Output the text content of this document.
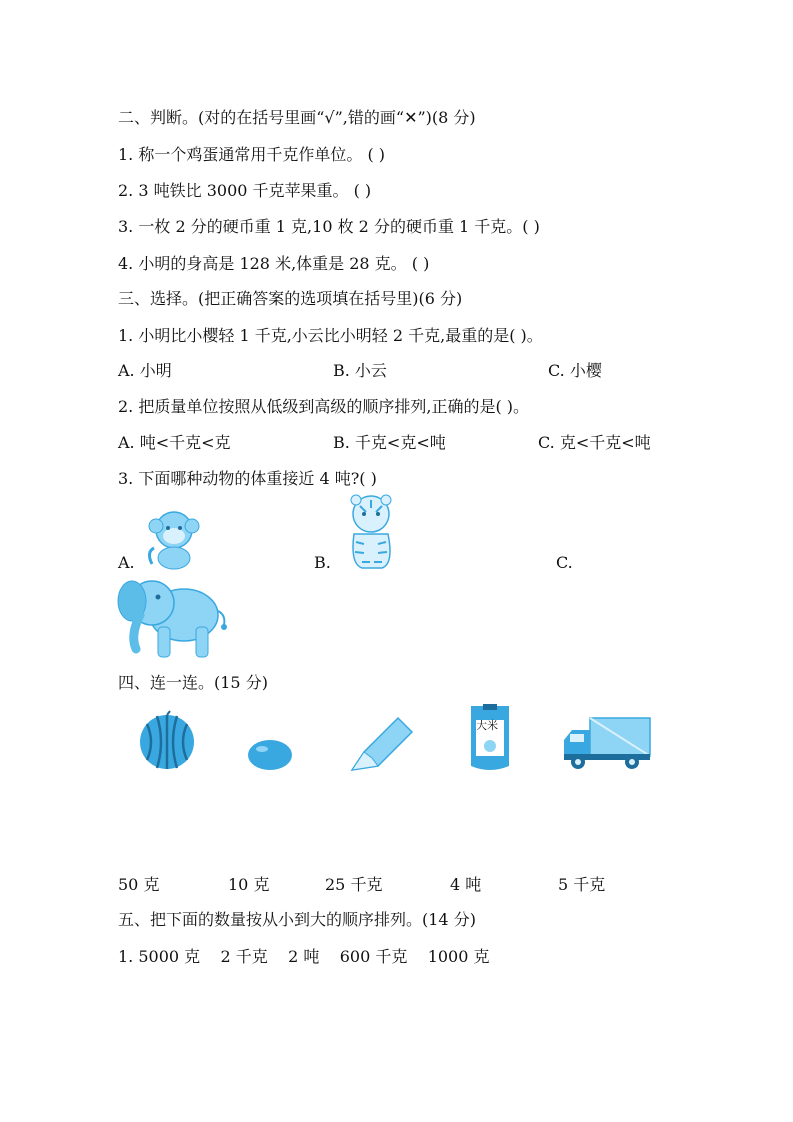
二、判断。(对的在括号里画“√”,错的画“✕”)(8 分)
1. 称一个鸡蛋通常用千克作单位。 ( )
2. 3 吨铁比 3000 千克苹果重。 ( )
3. 一枚 2 分的硬币重 1 克,10 枚 2 分的硬币重 1 千克。( )
4. 小明的身高是 128 米,体重是 28 克。 ( )
三、选择。(把正确答案的选项填在括号里)(6 分)
1. 小明比小樱轻 1 千克,小云比小明轻 2 千克,最重的是( )。
A. 小明	B. 小云	C. 小樱
2. 把质量单位按照从低级到高级的顺序排列,正确的是( )。
A. 吨<千克<克	B. 千克<克<吨	C. 克<千克<吨
3. 下面哪种动物的体重接近 4 吨?( )
A.	B.	C.
四、连一连。(15 分)
大米
50 克	10 克	25 千克	4 吨	5 千克
五、把下面的数量按从小到大的顺序排列。(14 分)
1. 5000 克    2 千克    2 吨    600 千克    1000 克
